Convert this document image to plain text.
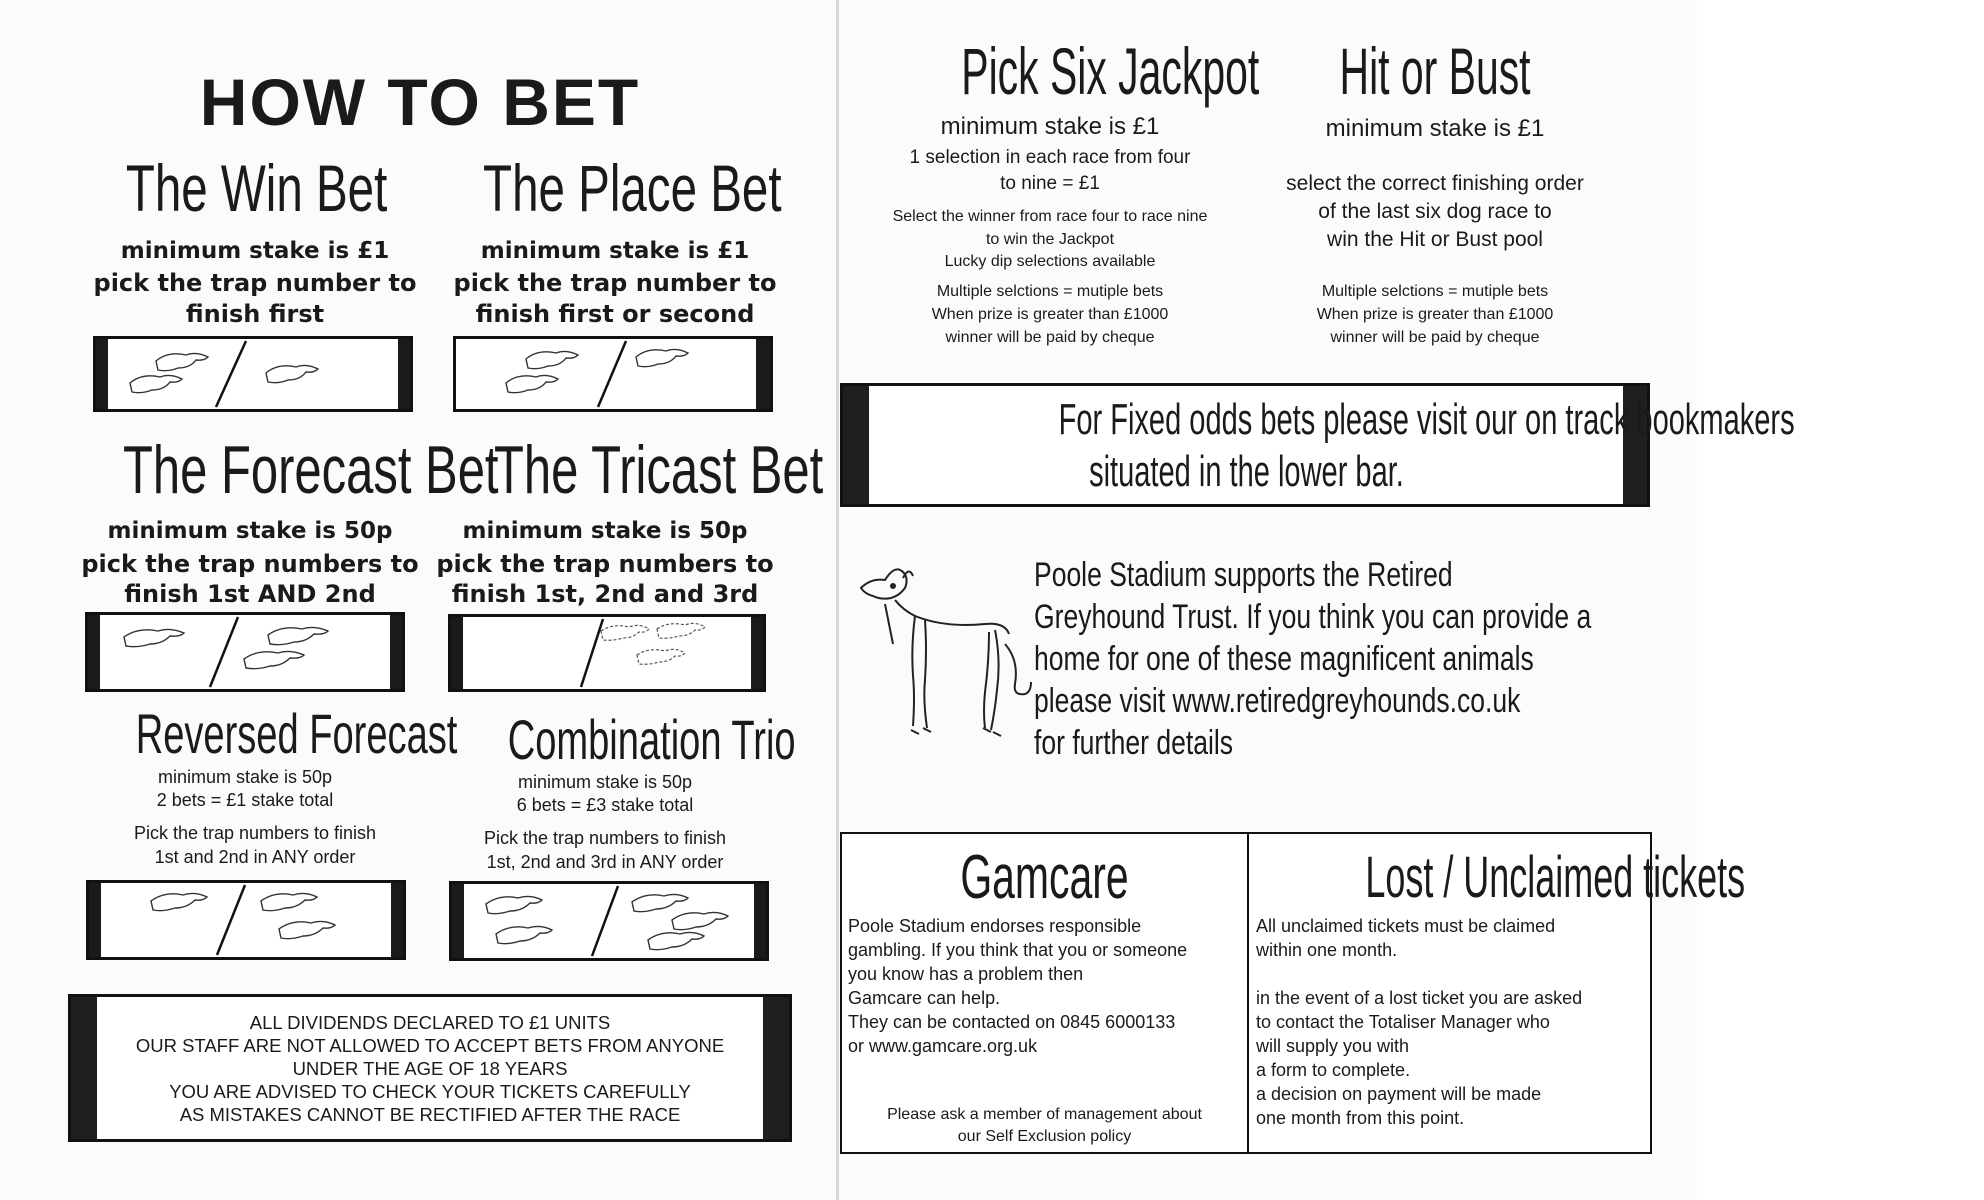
HOW TO BET
The Win Bet
minimum stake is £1
pick the trap number to
finish first
The Place Bet
minimum stake is £1
pick the trap number to
finish first or second
The Forecast Bet
minimum stake is 50p
pick the trap numbers to
finish 1st AND 2nd
The Tricast Bet
minimum stake is 50p
pick the trap numbers to
finish 1st, 2nd and 3rd
Reversed Forecast
minimum stake is 50p
2 bets = £1 stake total
Pick the trap numbers to finish
1st and 2nd in ANY order
Combination Trio
minimum stake is 50p
6 bets = £3 stake total
Pick the trap numbers to finish
1st, 2nd and 3rd in ANY order
ALL DIVIDENDS DECLARED TO £1 UNITS
OUR STAFF ARE NOT ALLOWED TO ACCEPT BETS FROM ANYONE
UNDER THE AGE OF 18 YEARS
YOU ARE ADVISED TO CHECK YOUR TICKETS CAREFULLY
AS MISTAKES CANNOT BE RECTIFIED AFTER THE RACE
Pick Six Jackpot
minimum stake is £1
1 selection in each race from four
to nine = £1
Select the winner from race four to race nine
to win the Jackpot
Lucky dip selections available
Multiple selctions = mutiple bets
When prize is greater than £1000
winner will be paid by cheque
Hit or Bust
minimum stake is £1
select the correct finishing order
of the last six dog race to
win the Hit or Bust pool
Multiple selctions = mutiple bets
When prize is greater than £1000
winner will be paid by cheque
For Fixed odds bets please visit our on track bookmakers
situated in the lower bar.
Poole Stadium supports the Retired
Greyhound Trust. If you think you can provide a
home for one of these magnificent animals
please visit www.retiredgreyhounds.co.uk
for further details
Gamcare
Poole Stadium endorses responsible
gambling. If you think that you or someone
you know has a problem then
Gamcare can help.
They can be contacted on 0845 6000133
or www.gamcare.org.uk
Please ask a member of management about
our Self Exclusion policy
Lost / Unclaimed tickets
All unclaimed tickets must be claimed
within one month.
in the event of a lost ticket you are asked
to contact the Totaliser Manager who
will supply you with
a form to complete.
a decision on payment will be made
one month from this point.
